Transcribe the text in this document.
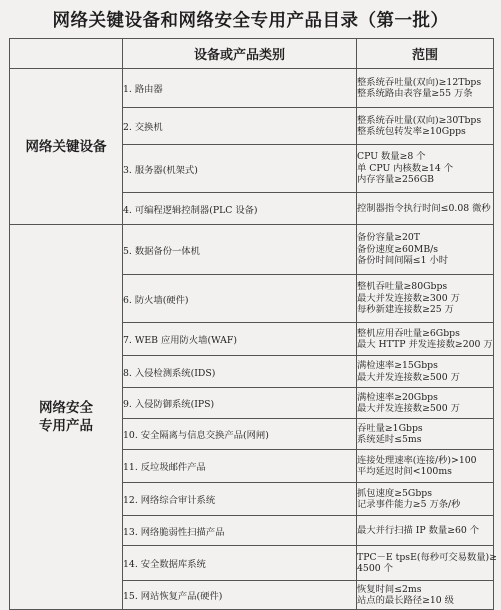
网络关键设备和网络安全专用产品目录（第一批）
	设备或产品类别	范围
网络关键设备	1. 路由器	整系统吞吐量(双向)≥12Tbps
整系统路由表容量≥55 万条

	2. 交换机	整系统吞吐量(双向)≥30Tbps
整系统包转发率≥10Gpps

	3. 服务器(机架式)	CPU 数量≥8 个
单 CPU 内核数≥14 个
内存容量≥256GB

	4. 可编程逻辑控制器(PLC 设备)	控制器指令执行时间≤0.08 微秒

网络安全
专用产品	5. 数据备份一体机	备份容量≥20T
备份速度≥60MB/s
备份时间间隔≤1 小时

	6. 防火墙(硬件)	整机吞吐量≥80Gbps
最大并发连接数≥300 万
每秒新建连接数≥25 万

	7. WEB 应用防火墙(WAF)	整机应用吞吐量≥6Gbps
最大 HTTP 并发连接数≥200 万

	8. 入侵检测系统(IDS)	满检速率≥15Gbps
最大并发连接数≥500 万

	9. 入侵防御系统(IPS)	满检速率≥20Gbps
最大并发连接数≥500 万

	10. 安全隔离与信息交换产品(网闸)	吞吐量≥1Gbps
系统延时≤5ms

	11. 反垃圾邮件产品	连接处理速率(连接/秒)>100
平均延迟时间<100ms

	12. 网络综合审计系统	抓包速度≥5Gbps
记录事件能力≥5 万条/秒

	13. 网络脆弱性扫描产品	最大并行扫描 IP 数量≥60 个

	14. 安全数据库系统	TPC－E tpsE(每秒可交易数量)≥
4500 个

	15. 网站恢复产品(硬件)	恢复时间≤2ms
站点的最长路径≥10 级
